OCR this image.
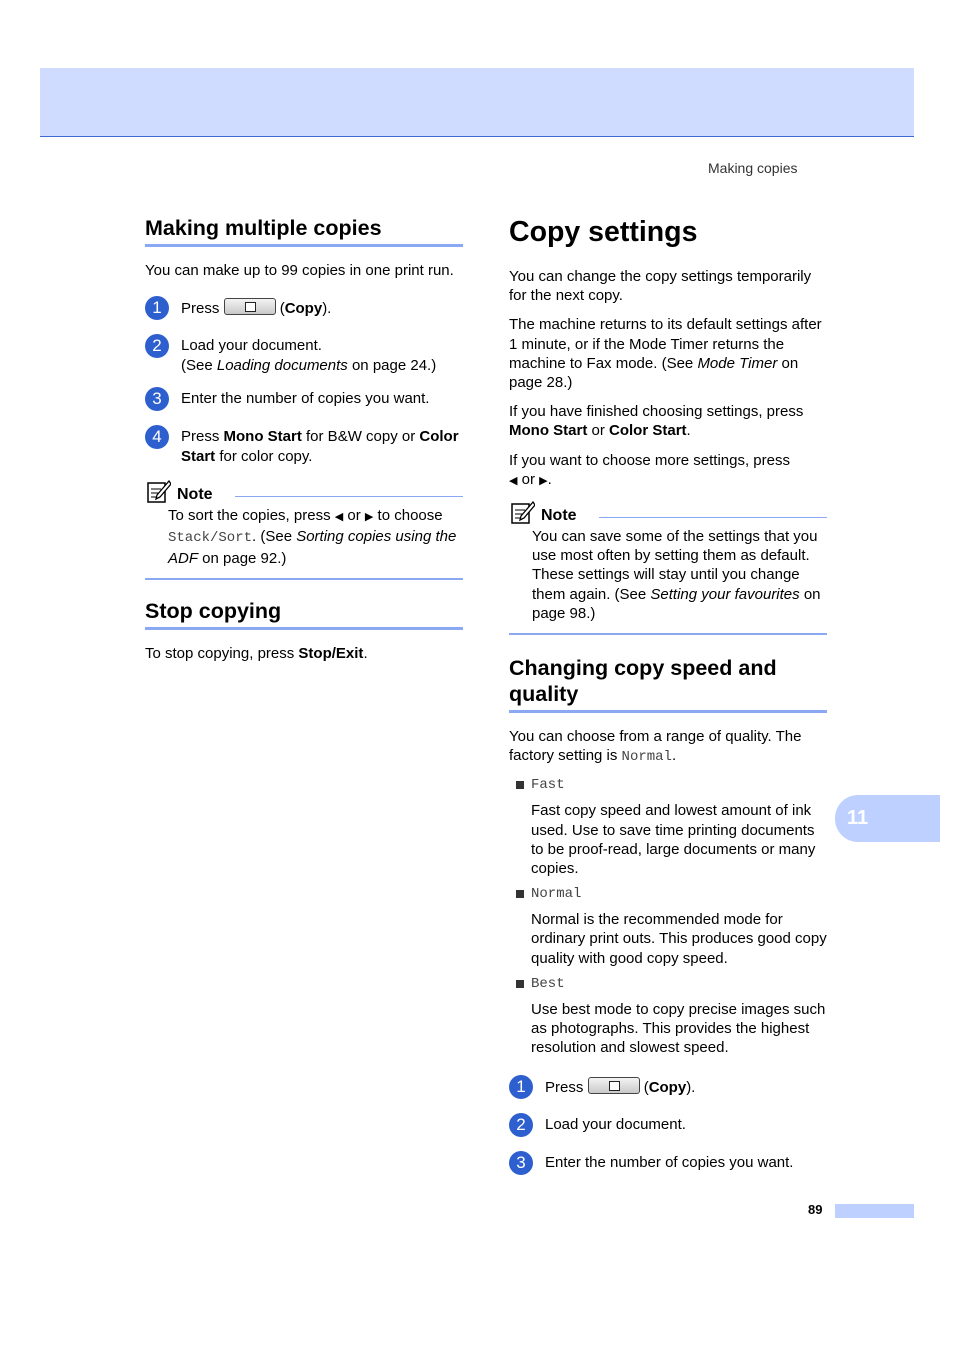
Making copies
Making multiple copies

You can make up to 99 copies in one print run.

1	Press	(Copy).
2	Load your document.
(See Loading documents on page 24.)
3	Enter the number of copies you want.
4	Press Mono Start for B&W copy or Color Start for color copy.
Note
To sort the copies, press ◀ or ▶ to choose Stack/Sort. (See Sorting copies using the ADF on page 92.)
Stop copying

To stop copying, press Stop/Exit.

Copy settings

You can change the copy settings temporarily for the next copy.

The machine returns to its default settings after 1 minute, or if the Mode Timer returns the machine to Fax mode. (See Mode Timer on page 28.)

If you have finished choosing settings, press Mono Start or Color Start.

If you want to choose more settings, press
◀ or ▶.

Note
You can save some of the settings that you use most often by setting them as default. These settings will stay until you change them again. (See Setting your favourites on page 98.)
Changing copy speed and quality

You can choose from a range of quality. The factory setting is Normal.

Fast
Fast copy speed and lowest amount of ink used. Use to save time printing documents to be proof-read, large documents or many copies.
Normal
Normal is the recommended mode for ordinary print outs. This produces good copy quality with good copy speed.
Best
Use best mode to copy precise images such as photographs. This provides the highest resolution and slowest speed.
1	Press	(Copy).
2	Load your document.
3	Enter the number of copies you want.
11
89
